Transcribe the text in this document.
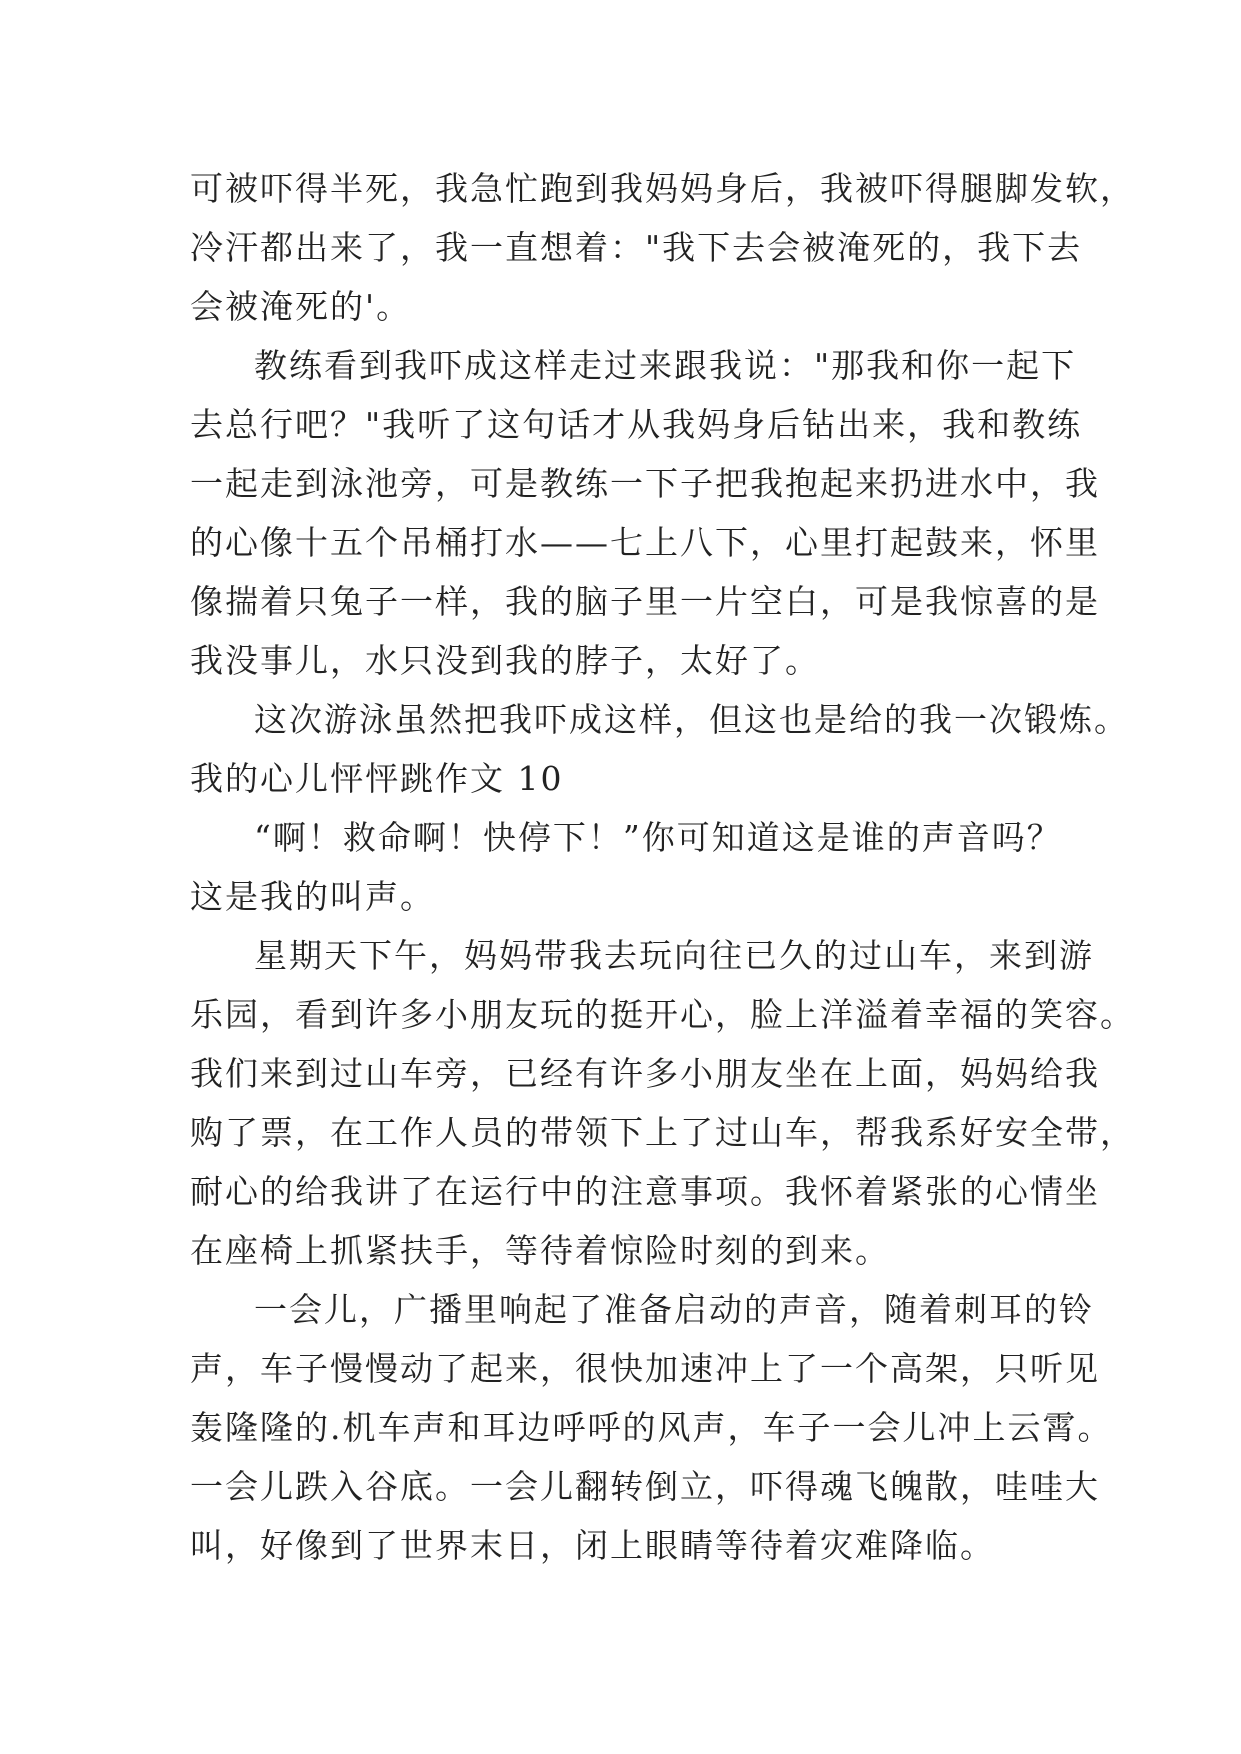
可被吓得半死，我急忙跑到我妈妈身后，我被吓得腿脚发软，
冷汗都出来了，我一直想着："我下去会被淹死的，我下去
会被淹死的'。
教练看到我吓成这样走过来跟我说："那我和你一起下
去总行吧？"我听了这句话才从我妈身后钻出来，我和教练
一起走到泳池旁，可是教练一下子把我抱起来扔进水中，我
的心像十五个吊桶打水——七上八下，心里打起鼓来，怀里
像揣着只兔子一样，我的脑子里一片空白，可是我惊喜的是
我没事儿，水只没到我的脖子，太好了。
这次游泳虽然把我吓成这样，但这也是给的我一次锻炼。
我的心儿怦怦跳作文 10
“啊！救命啊！快停下！”你可知道这是谁的声音吗？
这是我的叫声。
星期天下午，妈妈带我去玩向往已久的过山车，来到游
乐园，看到许多小朋友玩的挺开心，脸上洋溢着幸福的笑容。
我们来到过山车旁，已经有许多小朋友坐在上面，妈妈给我
购了票，在工作人员的带领下上了过山车，帮我系好安全带，
耐心的给我讲了在运行中的注意事项。我怀着紧张的心情坐
在座椅上抓紧扶手，等待着惊险时刻的到来。
一会儿，广播里响起了准备启动的声音，随着刺耳的铃
声，车子慢慢动了起来，很快加速冲上了一个高架，只听见
轰隆隆的.机车声和耳边呼呼的风声，车子一会儿冲上云霄。
一会儿跌入谷底。一会儿翻转倒立，吓得魂飞魄散，哇哇大
叫，好像到了世界末日，闭上眼睛等待着灾难降临。
